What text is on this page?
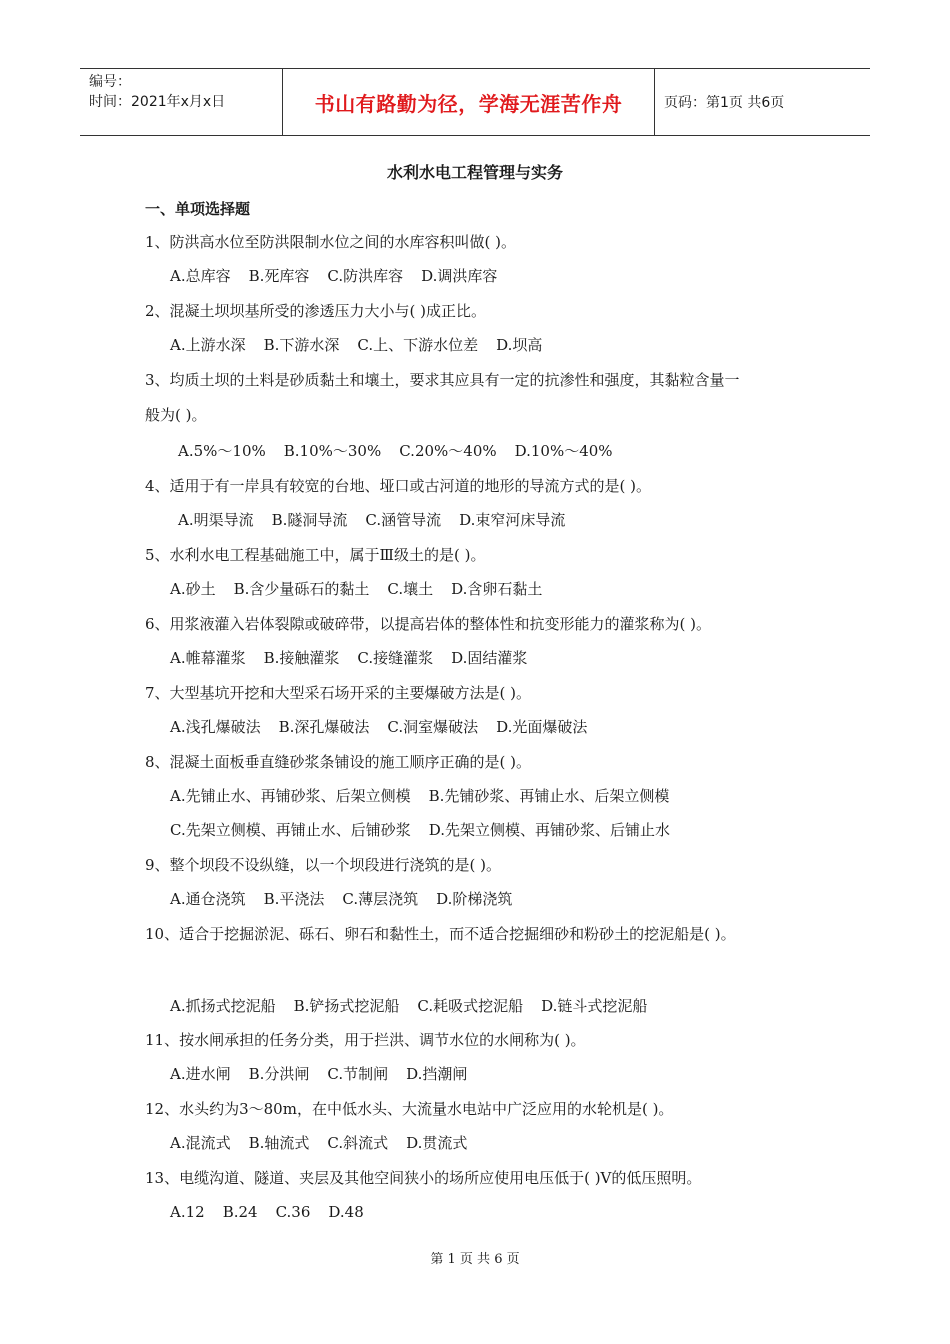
编号：
时间：2021年x月x日	书山有路勤为径，学海无涯苦作舟	页码：第1页 共6页
水利水电工程管理与实务
一、单项选择题
1、防洪高水位至防洪限制水位之间的水库容积叫做( )。
A.总库容 B.死库容 C.防洪库容 D.调洪库容
2、混凝土坝坝基所受的渗透压力大小与( )成正比。
A.上游水深 B.下游水深 C.上、下游水位差 D.坝高
3、均质土坝的土料是砂质黏土和壤土，要求其应具有一定的抗渗性和强度，其黏粒含量一
般为( )。
A.5%～10% B.10%～30% C.20%～40% D.10%～40%
4、适用于有一岸具有较宽的台地、垭口或古河道的地形的导流方式的是( )。
A.明渠导流 B.隧洞导流 C.涵管导流 D.束窄河床导流
5、水利水电工程基础施工中，属于Ⅲ级土的是( )。
A.砂土 B.含少量砾石的黏土 C.壤土 D.含卵石黏土
6、用浆液灌入岩体裂隙或破碎带，以提高岩体的整体性和抗变形能力的灌浆称为( )。
A.帷幕灌浆 B.接触灌浆 C.接缝灌浆 D.固结灌浆
7、大型基坑开挖和大型采石场开采的主要爆破方法是( )。
A.浅孔爆破法 B.深孔爆破法 C.洞室爆破法 D.光面爆破法
8、混凝土面板垂直缝砂浆条铺设的施工顺序正确的是( )。
A.先铺止水、再铺砂浆、后架立侧模 B.先铺砂浆、再铺止水、后架立侧模
C.先架立侧模、再铺止水、后铺砂浆 D.先架立侧模、再铺砂浆、后铺止水
9、整个坝段不设纵缝，以一个坝段进行浇筑的是( )。
A.通仓浇筑 B.平浇法 C.薄层浇筑 D.阶梯浇筑
10、适合于挖掘淤泥、砾石、卵石和黏性土，而不适合挖掘细砂和粉砂土的挖泥船是( )。
A.抓扬式挖泥船 B.铲扬式挖泥船 C.耗吸式挖泥船 D.链斗式挖泥船
11、按水闸承担的任务分类，用于拦洪、调节水位的水闸称为( )。
A.进水闸 B.分洪闸 C.节制闸 D.挡潮闸
12、水头约为3～80m，在中低水头、大流量水电站中广泛应用的水轮机是( )。
A.混流式 B.轴流式 C.斜流式 D.贯流式
13、电缆沟道、隧道、夹层及其他空间狭小的场所应使用电压低于( )V的低压照明。
A.12 B.24 C.36 D.48
第 1 页 共 6 页
